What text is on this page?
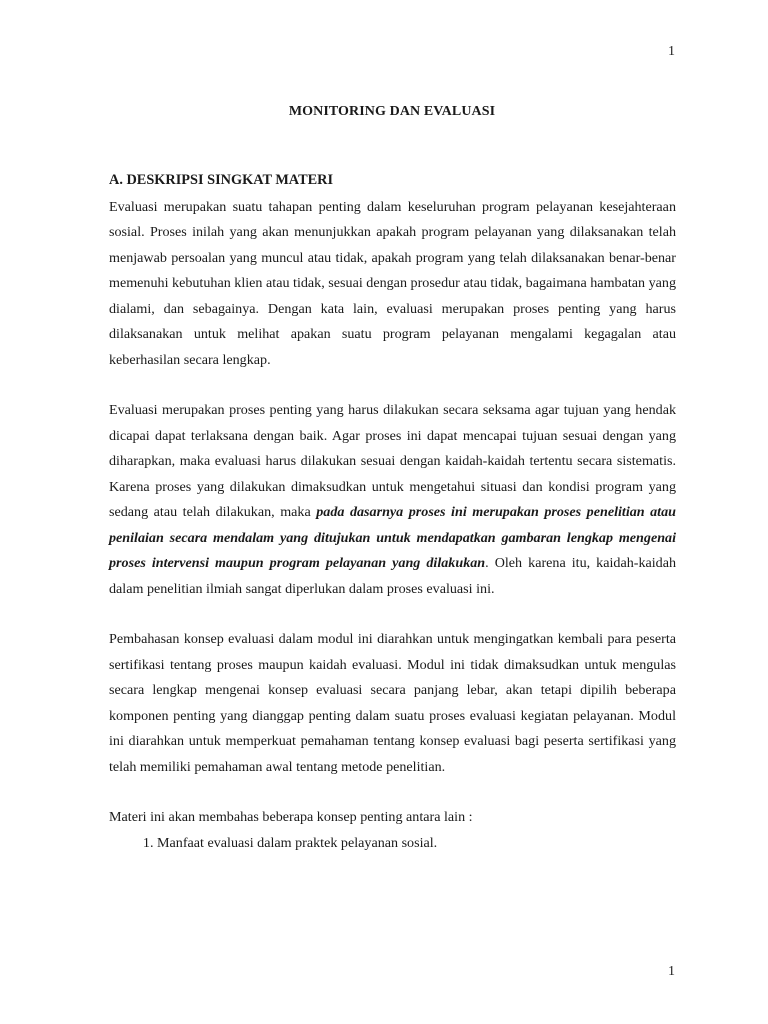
1
MONITORING DAN EVALUASI
A. DESKRIPSI SINGKAT MATERI

Evaluasi merupakan suatu tahapan penting dalam keseluruhan program pelayanan kesejahteraan sosial. Proses inilah yang akan menunjukkan apakah program pelayanan yang dilaksanakan telah menjawab persoalan yang muncul atau tidak, apakah program yang telah dilaksanakan benar-benar memenuhi kebutuhan klien atau tidak, sesuai dengan prosedur atau tidak, bagaimana hambatan yang dialami, dan sebagainya. Dengan kata lain, evaluasi merupakan proses penting yang harus dilaksanakan untuk melihat apakan suatu program pelayanan mengalami kegagalan atau keberhasilan secara lengkap.

Evaluasi merupakan proses penting yang harus dilakukan secara seksama agar tujuan yang hendak dicapai dapat terlaksana dengan baik. Agar proses ini dapat mencapai tujuan sesuai dengan yang diharapkan, maka evaluasi harus dilakukan sesuai dengan kaidah-kaidah tertentu secara sistematis. Karena proses yang dilakukan dimaksudkan untuk mengetahui situasi dan kondisi program yang sedang atau telah dilakukan, maka pada dasarnya proses ini merupakan proses penelitian atau penilaian secara mendalam yang ditujukan untuk mendapatkan gambaran lengkap mengenai proses intervensi maupun program pelayanan yang dilakukan. Oleh karena itu, kaidah-kaidah dalam penelitian ilmiah sangat diperlukan dalam proses evaluasi ini.

Pembahasan konsep evaluasi dalam modul ini diarahkan untuk mengingatkan kembali para peserta sertifikasi tentang proses maupun kaidah evaluasi. Modul ini tidak dimaksudkan untuk mengulas secara lengkap mengenai konsep evaluasi secara panjang lebar, akan tetapi dipilih beberapa komponen penting yang dianggap penting dalam suatu proses evaluasi kegiatan pelayanan. Modul ini diarahkan untuk memperkuat pemahaman tentang konsep evaluasi bagi peserta sertifikasi yang telah memiliki pemahaman awal tentang metode penelitian.

Materi ini akan membahas beberapa konsep penting antara lain :
1. Manfaat evaluasi dalam praktek pelayanan sosial.
1
